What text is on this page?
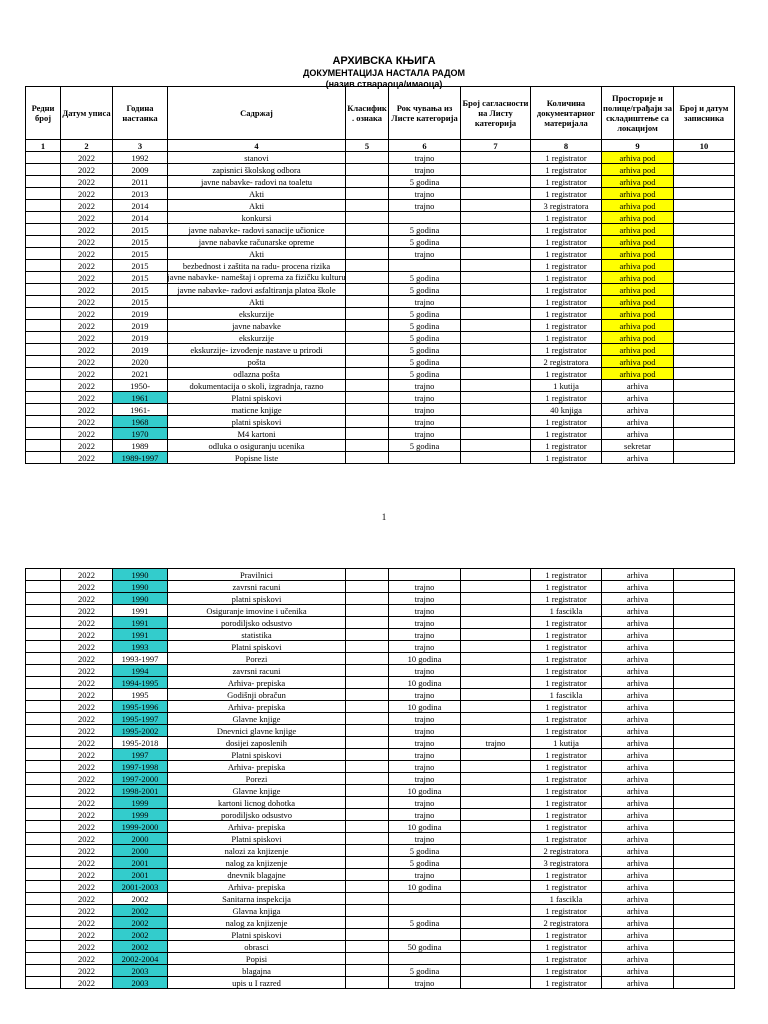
АРХИВСКА КЊИГА
ДОКУМЕНТАЦИЈА НАСТАЛА РАДОМ
(назив ствараоца/имаоца)
Редни број	Датум уписа	Година настанка	Садржај	Класифик . ознака	Рок чувања из Листе категорија	Број сагласности на Листу категорија	Количина документарног материјала	Просторије и полице/грађаји за складиштење са локацијом	Број и датум записника
1	2	3	4	5	6	7	8	9	10
	2022	1992	stanovi		trajno		1 registrator	arhiva pod	
	2022	2009	zapisnici školskog odbora		trajno		1 registrator	arhiva pod	
	2022	2011	javne nabavke- radovi na toaletu		5 godina		1 registrator	arhiva pod	
	2022	2013	Akti		trajno		1 registrator	arhiva pod	
	2022	2014	Akti		trajno		3 registratora	arhiva pod	
	2022	2014	konkursi				1 registrator	arhiva pod	
	2022	2015	javne nabavke- radovi sanacije učionice		5 godina		1 registrator	arhiva pod	
	2022	2015	javne nabavke računarske opreme		5 godina		1 registrator	arhiva pod	
	2022	2015	Akti		trajno		1 registrator	arhiva pod	
	2022	2015	bezbednost i zaštita na radu- procena rizika				1 registrator	arhiva pod	
	2022	2015	javne nabavke- nameštaj i oprema za fizičku kulturu		5 godina		1 registrator	arhiva pod	
	2022	2015	javne nabavke- radovi asfaltiranja platoa škole		5 godina		1 registrator	arhiva pod	
	2022	2015	Akti		trajno		1 registrator	arhiva pod	
	2022	2019	ekskurzije		5 godina		1 registrator	arhiva pod	
	2022	2019	javne nabavke		5 godina		1 registrator	arhiva pod	
	2022	2019	ekskurzije		5 godina		1 registrator	arhiva pod	
	2022	2019	ekskurzije- izvođenje nastave u prirodi		5 godina		1 registrator	arhiva pod	
	2022	2020	pošta		5 godina		2 registratora	arhiva pod	
	2022	2021	odlazna pošta		5 godina		1 registrator	arhiva pod	
	2022	1950-	dokumentacija o skoli, izgradnja, razno		trajno		1 kutija	arhiva	
	2022	1961	Platni spiskovi		trajno		1 registrator	arhiva	
	2022	1961-	maticne knjige		trajno		40 knjiga	arhiva	
	2022	1968	platni spiskovi		trajno		1 registrator	arhiva	
	2022	1970	M4 kartoni		trajno		1 registrator	arhiva	
	2022	1989	odluka o osiguranju ucenika		5 godina		1 registrator	sekretar	
	2022	1989-1997	Popisne liste				1 registrator	arhiva	
1
	2022	1990	Pravilnici				1 registrator	arhiva	
	2022	1990	zavrsni racuni		trajno		1 registrator	arhiva	
	2022	1990	platni spiskovi		trajno		1 registrator	arhiva	
	2022	1991	Osiguranje imovine i učenika		trajno		1 fascikla	arhiva	
	2022	1991	porodiljsko odsustvo		trajno		1 registrator	arhiva	
	2022	1991	statistika		trajno		1 registrator	arhiva	
	2022	1993	Platni spiskovi		trajno		1 registrator	arhiva	
	2022	1993-1997	Porezi		10 godina		1 registrator	arhiva	
	2022	1994	zavrsni racuni		trajno		1 registrator	arhiva	
	2022	1994-1995	Arhiva- prepiska		10 godina		1 registrator	arhiva	
	2022	1995	Godišnji obračun		trajno		1 fascikla	arhiva	
	2022	1995-1996	Arhiva- prepiska		10 godina		1 registrator	arhiva	
	2022	1995-1997	Glavne knjige		trajno		1 registrator	arhiva	
	2022	1995-2002	Dnevnici glavne knjige		trajno		1 registrator	arhiva	
	2022	1995-2018	dosijei zaposlenih		trajno	trajno	1 kutija	arhiva	
	2022	1997	Platni spiskovi		trajno		1 registrator	arhiva	
	2022	1997-1998	Arhiva- prepiska		trajno		1 registrator	arhiva	
	2022	1997-2000	Porezi		trajno		1 registrator	arhiva	
	2022	1998-2001	Glavne knjige		10 godina		1 registrator	arhiva	
	2022	1999	kartoni licnog dohotka		trajno		1 registrator	arhiva	
	2022	1999	porodiljsko odsustvo		trajno		1 registrator	arhiva	
	2022	1999-2000	Arhiva- prepiska		10 godina		1 registrator	arhiva	
	2022	2000	Platni spiskovi		trajno		1 registrator	arhiva	
	2022	2000	nalozi za knjizenje		5 godina		2 registratora	arhiva	
	2022	2001	nalog za knjizenje		5 godina		3 registratora	arhiva	
	2022	2001	dnevnik blagajne		trajno		1 registrator	arhiva	
	2022	2001-2003	Arhiva- prepiska		10 godina		1 registrator	arhiva	
	2022	2002	Sanitarna inspekcija				1 fascikla	arhiva	
	2022	2002	Glavna knjiga				1 registrator	arhiva	
	2022	2002	nalog za knjizenje		5 godina		2 registratora	arhiva	
	2022	2002	Platni spiskovi				1 registrator	arhiva	
	2022	2002	obrasci		50 godina		1 registrator	arhiva	
	2022	2002-2004	Popisi				1 registrator	arhiva	
	2022	2003	blagajna		5 godina		1 registrator	arhiva	
	2022	2003	upis u I razred		trajno		1 registrator	arhiva	
